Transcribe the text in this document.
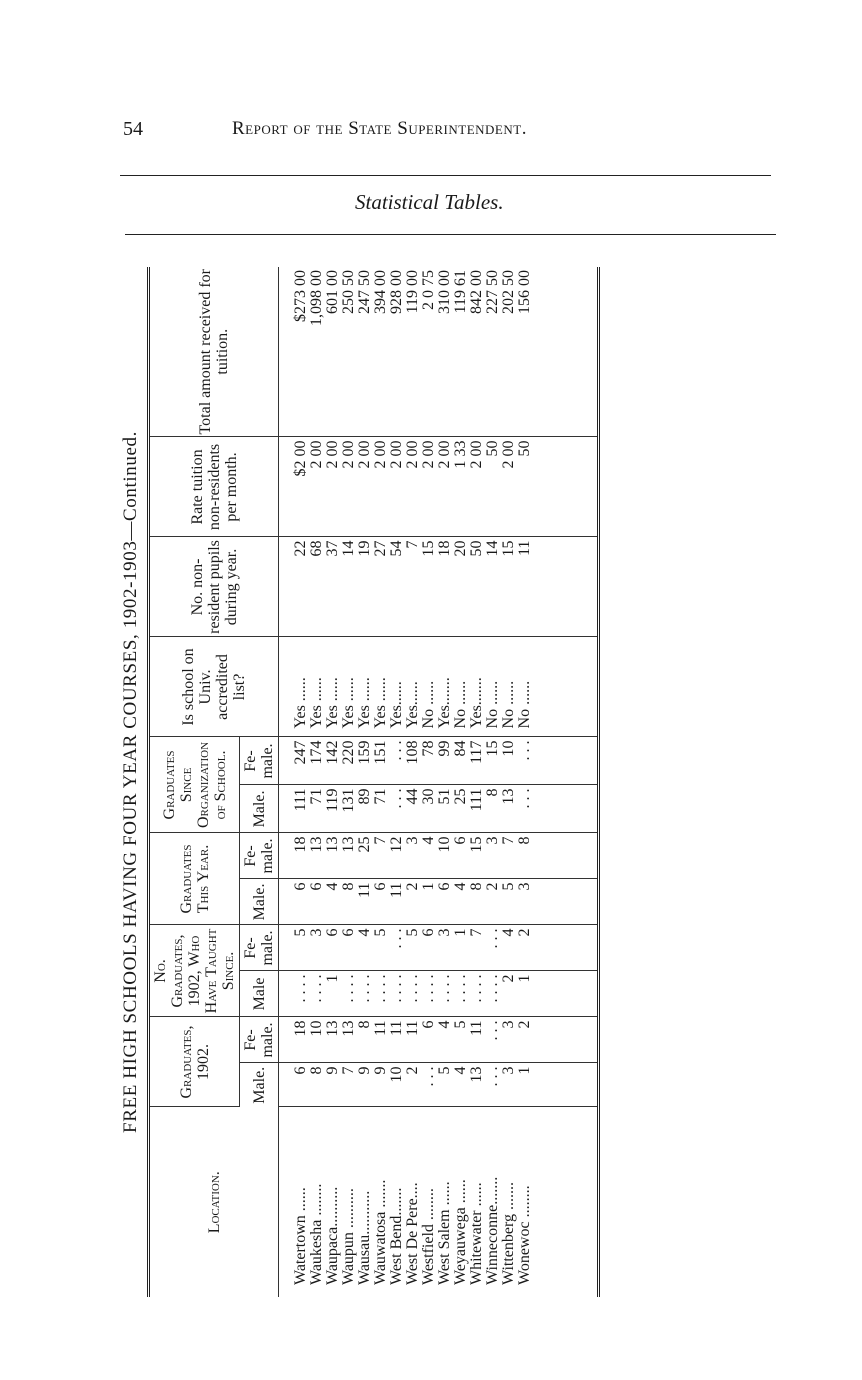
54	Report of the State Superintendent.
Statistical Tables.
FREE HIGH SCHOOLS HAVING FOUR YEAR COURSES, 1902-1903—Continued.
Location.	Graduates, 1902.		No. Graduates, 1902, Who Have Taught Since.		Graduates This Year.		Graduates Since Organization of School.		Is school on Univ. accredited list?	No. non-resident pupils during year.	Rate tuition non-residents per month.	Total amount received for tuition.
	Male.	Fe-male.	Male	Fe-male.	Male.	Fe-male.	Male.	Fe-male.				
Watertown ......	6	18	. . . .	5	6	18	111	247	Yes ......	22	$2 00	$273 00
Waukesha ........	8	10	. . . .	3	6	13	71	174	Yes ......	68	2 00	1,098 00
Waupaca..........	9	13	1	6	4	13	119	142	Yes ......	37	2 00	601 00
Waupun ..........	7	13	. . . .	6	8	13	131	220	Yes ......	14	2 00	250 50
Wausau...........	9	8	. . . .	4	11	25	89	159	Yes ......	19	2 00	247 50
Wauwatosa .......	9	11	. . . .	5	6	7	71	151	Yes ......	27	2 00	394 00
West Bend.......	10	11	. . . .	. . .	11	12	. . .	. . .	Yes......	54	2 00	928 00
West De Pere....	2	11	. . . .	5	2	3	44	108	Yes......	7	2 00	119 00
Westfield ........	. . .	6	. . . .	6	1	4	30	78	No ......	15	2 00	2 0 75
West Salem ......	5	4	. . . .	3	6	10	51	99	Yes.......	18	2 00	310 00
Weyauwega ......	4	5	. . . .	1	4	6	25	84	No ......	20	1 33	119 61
Whitewater ......	13	11	. . . .	7	8	15	111	117	Yes.......	50	2 00	842 00
Winneconne.......	. . .	. . .	. . . .	. . .	2	3	8	15	No ......	14	50	227 50
Wittenberg .......	3	3	2	4	5	7	13	10	No ......	15	2 00	202 50
Wonewoc ........	1	2	1	2	3	8	. . .	. . .	No ......	11	50	156 00
